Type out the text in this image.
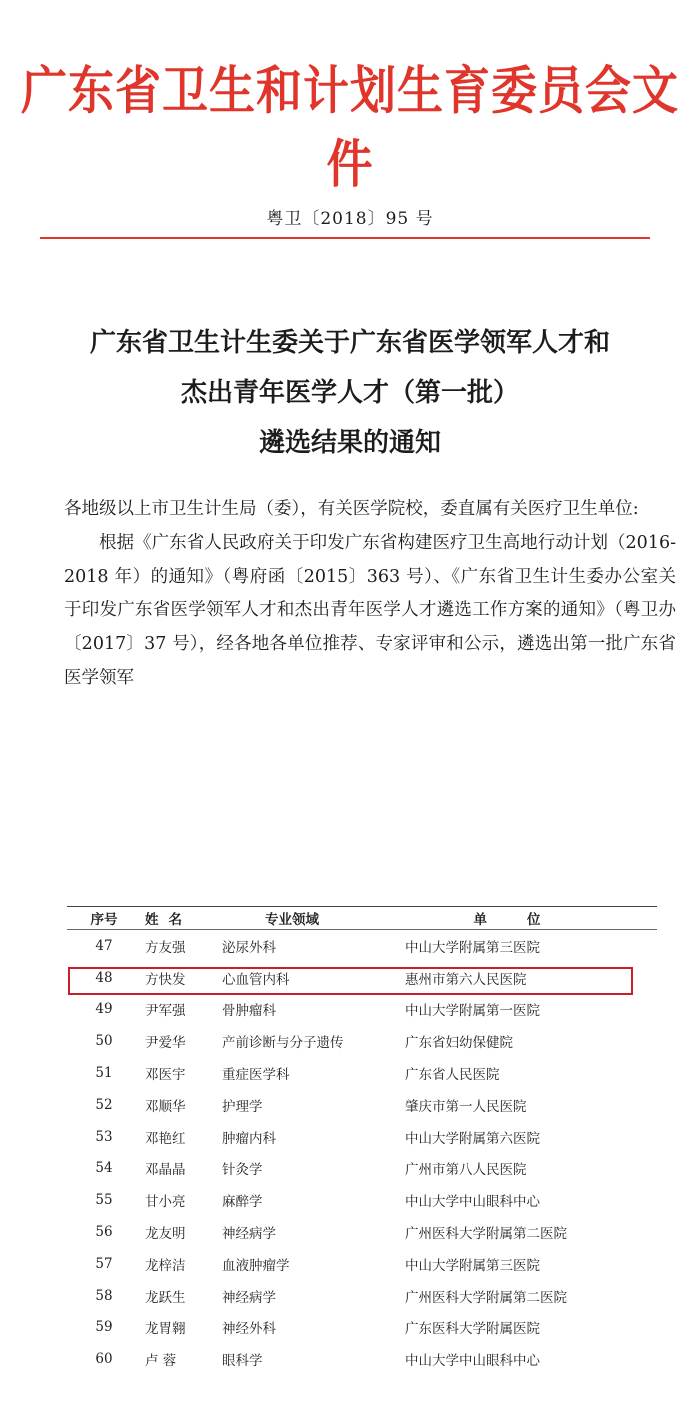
广东省卫生和计划生育委员会文件
粤卫〔2018〕95 号
广东省卫生计生委关于广东省医学领军人才和
杰出青年医学人才（第一批）
遴选结果的通知

各地级以上市卫生计生局（委），有关医学院校，委直属有关医疗卫生单位:

根据《广东省人民政府关于印发广东省构建医疗卫生高地行动计划（2016-2018 年）的通知》（粤府函〔2015〕363 号）、《广东省卫生计生委办公室关于印发广东省医学领军人才和杰出青年医学人才遴选工作方案的通知》（粤卫办〔2017〕37 号），经各地各单位推荐、专家评审和公示，遴选出第一批广东省医学领军

序号 姓名	专业领域	单位
47	方友强	泌尿外科	中山大学附属第三医院
48	方快发	心血管内科	惠州市第六人民医院
49	尹军强	骨肿瘤科	中山大学附属第一医院
50	尹爱华	产前诊断与分子遗传	广东省妇幼保健院
51	邓医宇	重症医学科	广东省人民医院
52	邓顺华	护理学	肇庆市第一人民医院
53	邓艳红	肿瘤内科	中山大学附属第六医院
54	邓晶晶	针灸学	广州市第八人民医院
55	甘小亮	麻醉学	中山大学中山眼科中心
56	龙友明	神经病学	广州医科大学附属第二医院
57	龙梓洁	血液肿瘤学	中山大学附属第三医院
58	龙跃生	神经病学	广州医科大学附属第二医院
59	龙胃翱	神经外科	广东医科大学附属医院
60	卢 蓉	眼科学	中山大学中山眼科中心
